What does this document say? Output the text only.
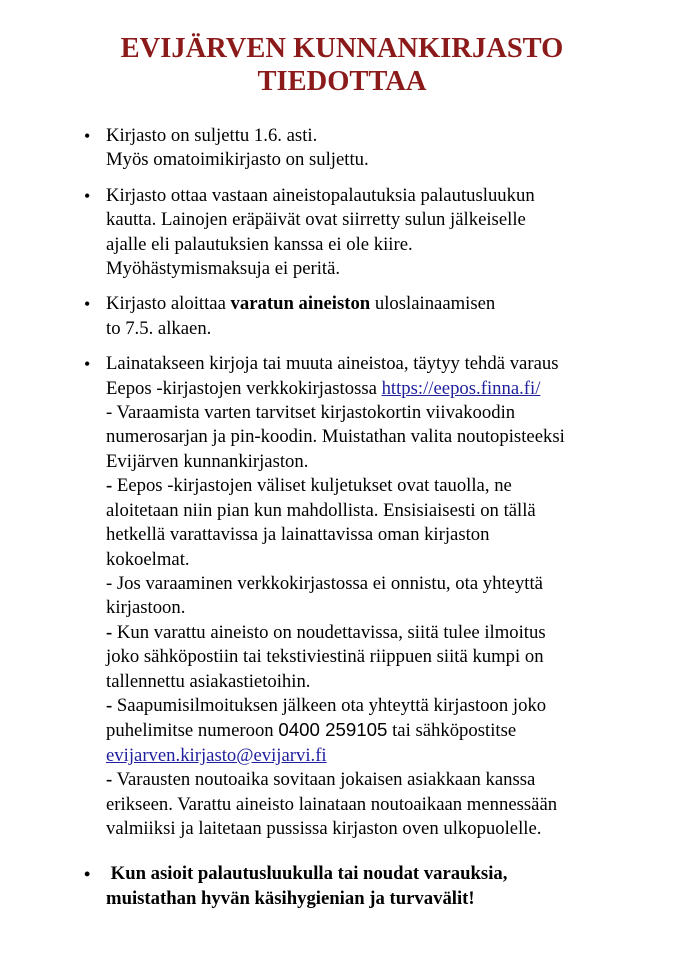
EVIJÄRVEN KUNNANKIRJASTO
TIEDOTTAA
• Kirjasto on suljettu 1.6. asti.
Myös omatoimikirjasto on suljettu.
• Kirjasto ottaa vastaan aineistopalautuksia palautusluukun
kautta. Lainojen eräpäivät ovat siirretty sulun jälkeiselle
ajalle eli palautuksien kanssa ei ole kiire.
Myöhästymismaksuja ei peritä.
• Kirjasto aloittaa varatun aineiston uloslainaamisen
to 7.5. alkaen.
• Lainatakseen kirjoja tai muuta aineistoa, täytyy tehdä varaus
Eepos -kirjastojen verkkokirjastossa https://eepos.finna.fi/
- Varaamista varten tarvitset kirjastokortin viivakoodin
numerosarjan ja pin-koodin. Muistathan valita noutopisteeksi
Evijärven kunnankirjaston.
- Eepos -kirjastojen väliset kuljetukset ovat tauolla, ne
aloitetaan niin pian kun mahdollista. Ensisiaisesti on tällä
hetkellä varattavissa ja lainattavissa oman kirjaston
kokoelmat.
- Jos varaaminen verkkokirjastossa ei onnistu, ota yhteyttä
kirjastoon.
- Kun varattu aineisto on noudettavissa, siitä tulee ilmoitus
joko sähköpostiin tai tekstiviestinä riippuen siitä kumpi on
tallennettu asiakastietoihin.
- Saapumisilmoituksen jälkeen ota yhteyttä kirjastoon joko
puhelimitse numeroon 0400 259105 tai sähköpostitse
evijarven.kirjasto@evijarvi.fi
- Varausten noutoaika sovitaan jokaisen asiakkaan kanssa
erikseen. Varattu aineisto lainataan noutoaikaan mennessään
valmiiksi ja laitetaan pussissa kirjaston oven ulkopuolelle.
• Kun asioit palautusluukulla tai noudat varauksia,
muistathan hyvän käsihygienian ja turvavälit!
